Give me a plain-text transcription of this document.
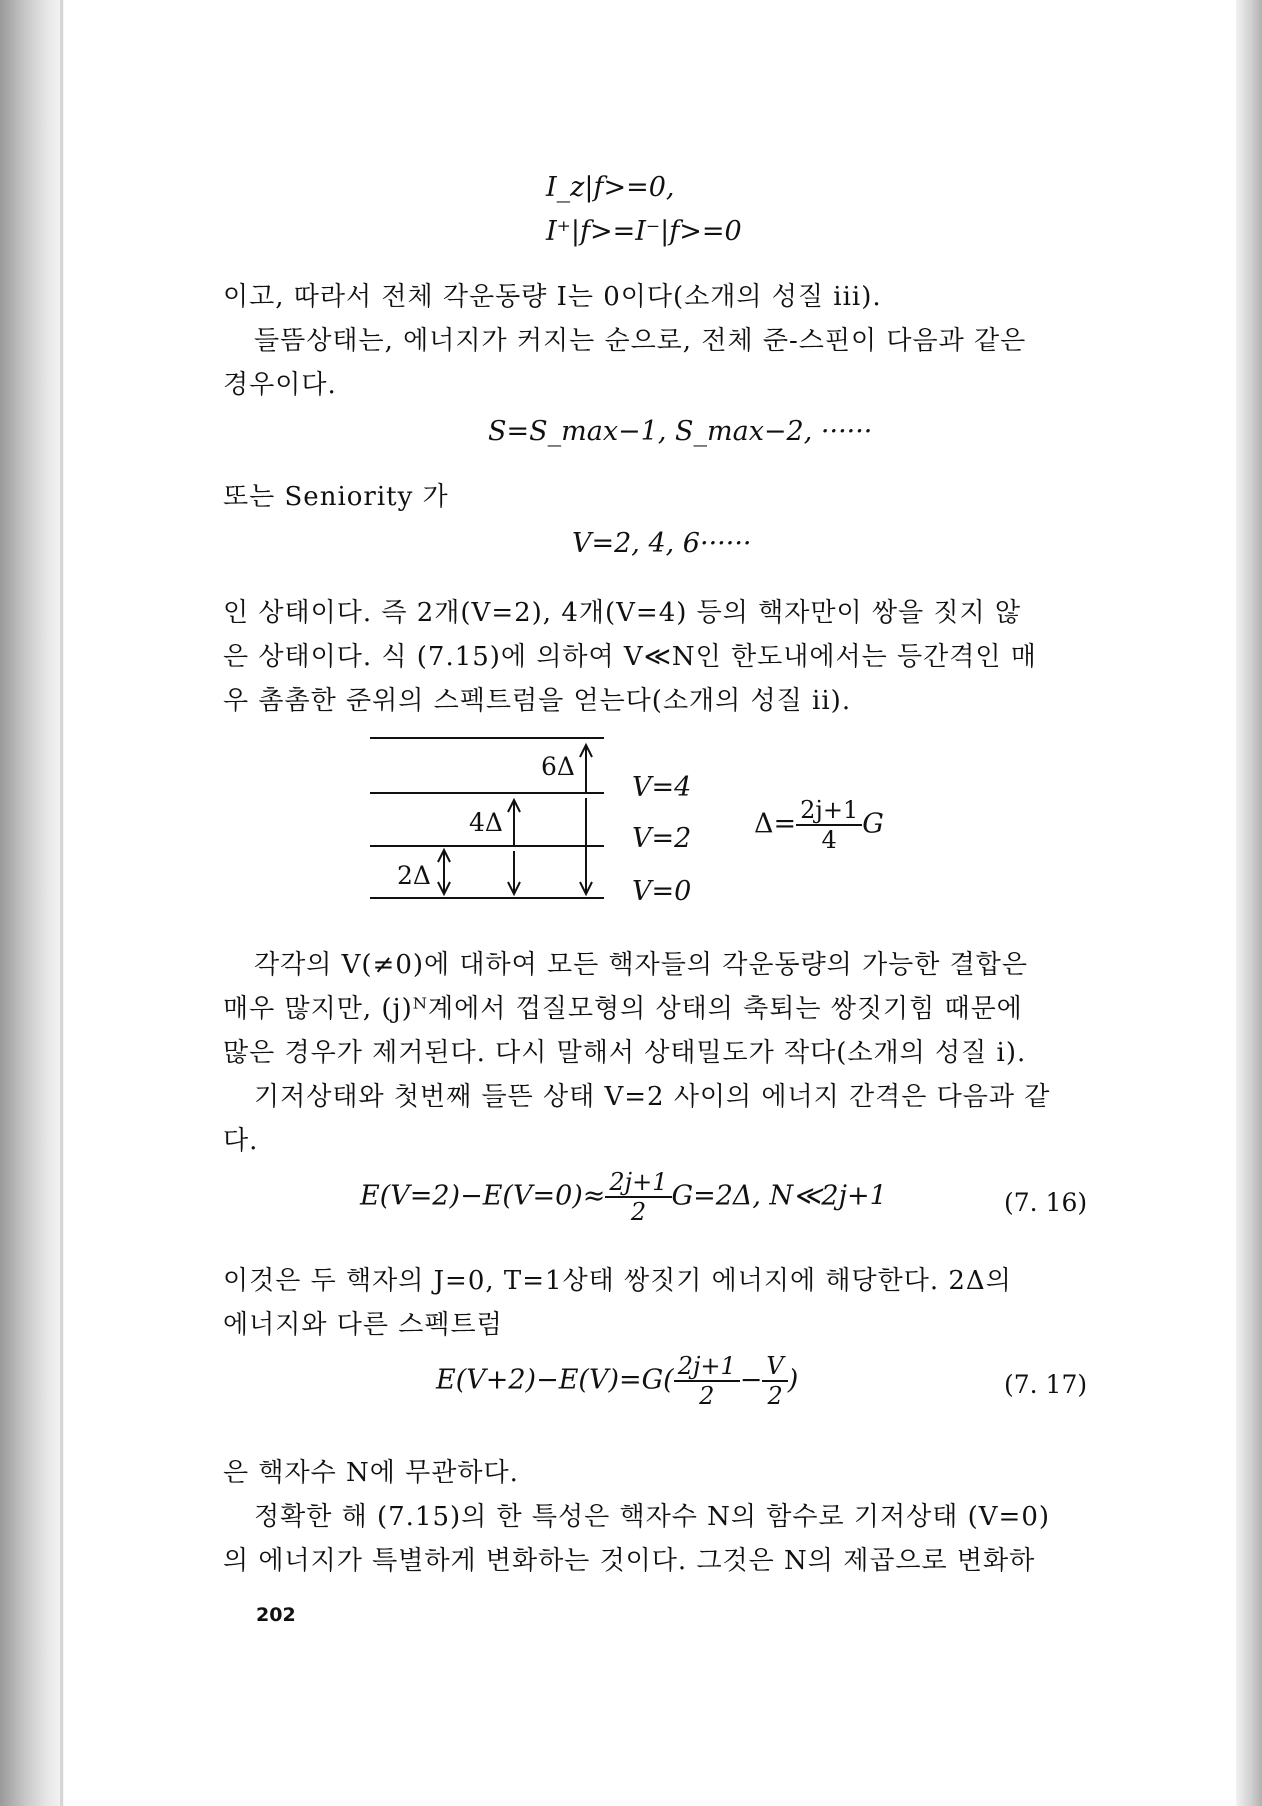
I_z|f>=0,
I⁺|f>=I⁻|f>=0
이고, 따라서 전체 각운동량 I는 0이다(소개의 성질 iii).
들뜸상태는, 에너지가 커지는 순으로, 전체 준-스핀이 다음과 같은
경우이다.
S=S_max−1, S_max−2, ······
또는 Seniority 가
V=2, 4, 6······
인 상태이다. 즉 2개(V=2), 4개(V=4) 등의 핵자만이 쌍을 짓지 않
은 상태이다. 식 (7.15)에 의하여 V≪N인 한도내에서는 등간격인 매
우 촘촘한 준위의 스펙트럼을 얻는다(소개의 성질 ii).
6Δ
4Δ
2Δ
V=4
V=2
V=0
$\Delta= \frac{2j+1}{4}$ G
각각의 V(≠0)에 대하여 모든 핵자들의 각운동량의 가능한 결합은
매우 많지만, (j)ᴺ계에서 껍질모형의 상태의 축퇴는 쌍짓기힘 때문에
많은 경우가 제거된다. 다시 말해서 상태밀도가 작다(소개의 성질 i).
기저상태와 첫번째 들뜬 상태 V=2 사이의 에너지 간격은 다음과 같
다.
$E(V=2)-E(V=0)\approx \frac{2j+1}{2} G=2\Delta$, N≪2j+1	(7. 16)
이것은 두 핵자의 J=0, T=1상태 쌍짓기 에너지에 해당한다. 2Δ의
에너지와 다른 스펙트럼
$E(V+2)-E(V)=G( \frac{2j+1}{2} - \frac{V}{2}$ )	(7. 17)
은 핵자수 N에 무관하다.
정확한 해 (7.15)의 한 특성은 핵자수 N의 함수로 기저상태 (V=0)
의 에너지가 특별하게 변화하는 것이다. 그것은 N의 제곱으로 변화하
202
